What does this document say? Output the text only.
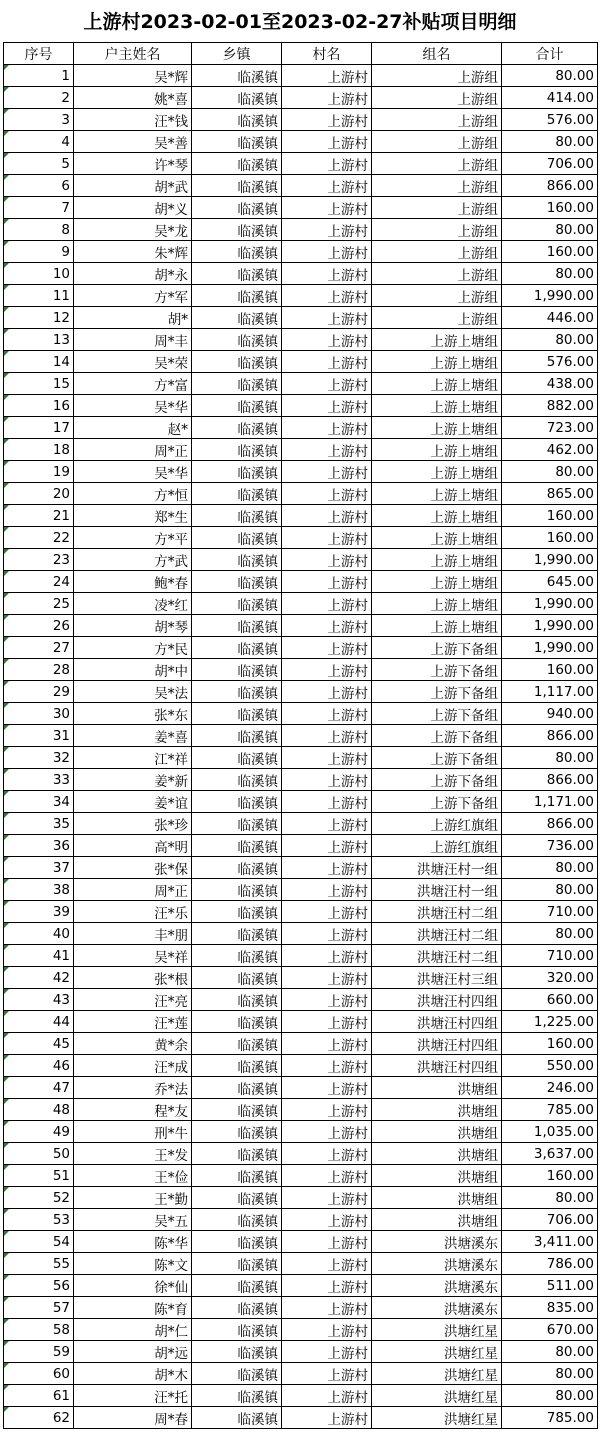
上游村2023-02-01至2023-02-27补贴项目明细
序号	户主姓名	乡镇	村名	组名	合计
1	吴*辉	临溪镇	上游村	上游组	80.00
2	姚*喜	临溪镇	上游村	上游组	414.00
3	汪*钱	临溪镇	上游村	上游组	576.00
4	吴*善	临溪镇	上游村	上游组	80.00
5	许*琴	临溪镇	上游村	上游组	706.00
6	胡*武	临溪镇	上游村	上游组	866.00
7	胡*义	临溪镇	上游村	上游组	160.00
8	吴*龙	临溪镇	上游村	上游组	80.00
9	朱*辉	临溪镇	上游村	上游组	160.00
10	胡*永	临溪镇	上游村	上游组	80.00
11	方*军	临溪镇	上游村	上游组	1,990.00
12	胡*	临溪镇	上游村	上游组	446.00
13	周*丰	临溪镇	上游村	上游上塘组	80.00
14	吴*荣	临溪镇	上游村	上游上塘组	576.00
15	方*富	临溪镇	上游村	上游上塘组	438.00
16	吴*华	临溪镇	上游村	上游上塘组	882.00
17	赵*	临溪镇	上游村	上游上塘组	723.00
18	周*正	临溪镇	上游村	上游上塘组	462.00
19	吴*华	临溪镇	上游村	上游上塘组	80.00
20	方*恒	临溪镇	上游村	上游上塘组	865.00
21	郑*生	临溪镇	上游村	上游上塘组	160.00
22	方*平	临溪镇	上游村	上游上塘组	160.00
23	方*武	临溪镇	上游村	上游上塘组	1,990.00
24	鲍*春	临溪镇	上游村	上游上塘组	645.00
25	凌*红	临溪镇	上游村	上游上塘组	1,990.00
26	胡*琴	临溪镇	上游村	上游上塘组	1,990.00
27	方*民	临溪镇	上游村	上游下备组	1,990.00
28	胡*中	临溪镇	上游村	上游下备组	160.00
29	吴*法	临溪镇	上游村	上游下备组	1,117.00
30	张*东	临溪镇	上游村	上游下备组	940.00
31	姜*喜	临溪镇	上游村	上游下备组	866.00
32	江*祥	临溪镇	上游村	上游下备组	80.00
33	姜*新	临溪镇	上游村	上游下备组	866.00
34	姜*谊	临溪镇	上游村	上游下备组	1,171.00
35	张*珍	临溪镇	上游村	上游红旗组	866.00
36	高*明	临溪镇	上游村	上游红旗组	736.00
37	张*保	临溪镇	上游村	洪塘汪村一组	80.00
38	周*正	临溪镇	上游村	洪塘汪村一组	80.00
39	汪*乐	临溪镇	上游村	洪塘汪村二组	710.00
40	丰*朋	临溪镇	上游村	洪塘汪村二组	80.00
41	吴*祥	临溪镇	上游村	洪塘汪村二组	710.00
42	张*根	临溪镇	上游村	洪塘汪村三组	320.00
43	汪*亮	临溪镇	上游村	洪塘汪村四组	660.00
44	汪*莲	临溪镇	上游村	洪塘汪村四组	1,225.00
45	黄*余	临溪镇	上游村	洪塘汪村四组	160.00
46	汪*成	临溪镇	上游村	洪塘汪村四组	550.00
47	乔*法	临溪镇	上游村	洪塘组	246.00
48	程*友	临溪镇	上游村	洪塘组	785.00
49	刑*牛	临溪镇	上游村	洪塘组	1,035.00
50	王*发	临溪镇	上游村	洪塘组	3,637.00
51	王*俭	临溪镇	上游村	洪塘组	160.00
52	王*勤	临溪镇	上游村	洪塘组	80.00
53	吴*五	临溪镇	上游村	洪塘组	706.00
54	陈*华	临溪镇	上游村	洪塘溪东	3,411.00
55	陈*文	临溪镇	上游村	洪塘溪东	786.00
56	徐*仙	临溪镇	上游村	洪塘溪东	511.00
57	陈*育	临溪镇	上游村	洪塘溪东	835.00
58	胡*仁	临溪镇	上游村	洪塘红星	670.00
59	胡*远	临溪镇	上游村	洪塘红星	80.00
60	胡*木	临溪镇	上游村	洪塘红星	80.00
61	汪*托	临溪镇	上游村	洪塘红星	80.00
62	周*春	临溪镇	上游村	洪塘红星	785.00
